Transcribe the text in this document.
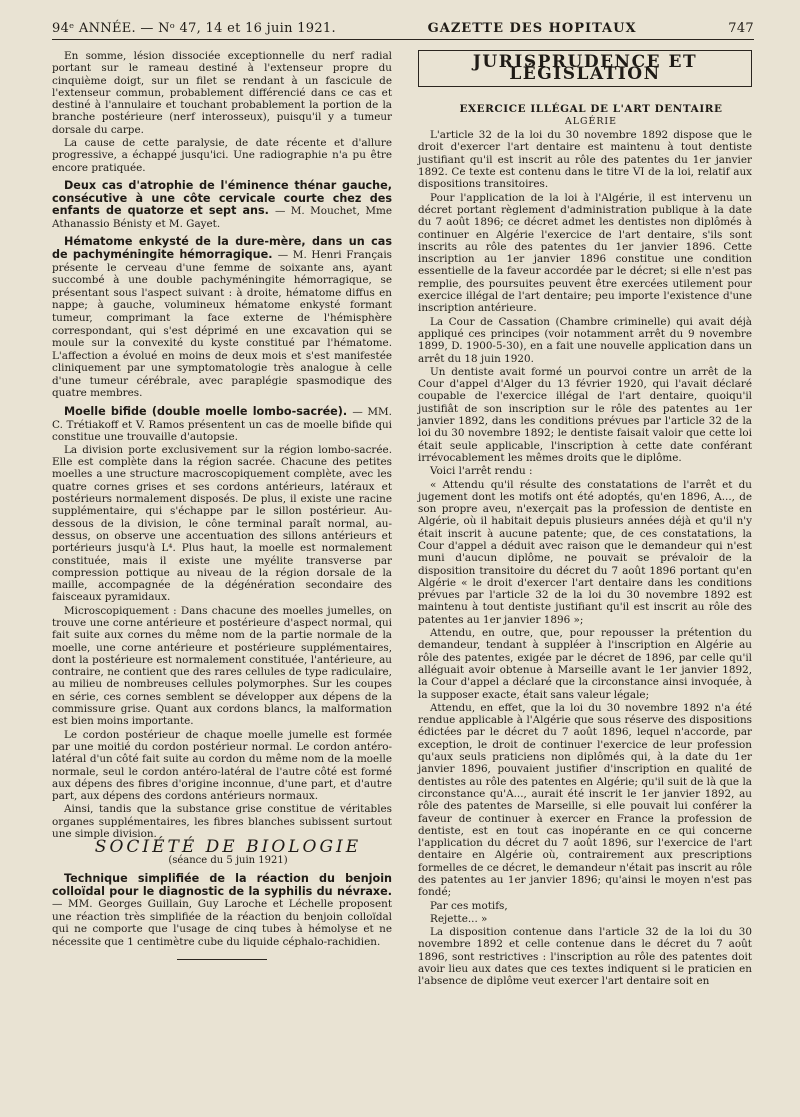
94ᵉ ANNÉE. — Nᵒ 47, 14 et 16 juin 1921.	GAZETTE DES HOPITAUX	747

En somme, lésion dissociée exceptionnelle du nerf radial portant sur le rameau destiné à l'extenseur propre du cinquième doigt, sur un filet se rendant à un fascicule de l'extenseur commun, probablement différencié dans ce cas et destiné à l'annulaire et touchant probablement la portion de la branche postérieure (nerf interosseux), puisqu'il y a tumeur dorsale du carpe.

La cause de cette paralysie, de date récente et d'allure progressive, a échappé jusqu'ici. Une radiographie n'a pu être encore pratiquée.

Deux cas d'atrophie de l'éminence thénar gauche, consécutive à une côte cervicale courte chez des enfants de quatorze et sept ans. — M. Mouchet, Mme Athanassio Bénisty et M. Gayet.
Hématome enkysté de la dure-mère, dans un cas de pachyméningite hémorragique. — M. Henri Français présente le cerveau d'une femme de soixante ans, ayant succombé à une double pachyméningite hémorragique, se présentant sous l'aspect suivant : à droite, hématome diffus en nappe; à gauche, volumineux hématome enkysté formant tumeur, comprimant la face externe de l'hémisphère correspondant, qui s'est déprimé en une excavation qui se moule sur la convexité du kyste constitué par l'hématome. L'affection a évolué en moins de deux mois et s'est manifestée cliniquement par une symptomatologie très analogue à celle d'une tumeur cérébrale, avec paraplégie spasmodique des quatre membres.
Moelle bifide (double moelle lombo-sacrée). — MM. C. Trétiakoff et V. Ramos présentent un cas de moelle bifide qui constitue une trouvaille d'autopsie.

La division porte exclusivement sur la région lombo-sacrée. Elle est complète dans la région sacrée. Chacune des petites moelles a une structure macroscopiquement complète, avec les quatre cornes grises et ses cordons antérieurs, latéraux et postérieurs normalement disposés. De plus, il existe une racine supplémentaire, qui s'échappe par le sillon postérieur. Au-dessous de la division, le cône terminal paraît normal, au-dessus, on observe une accentuation des sillons antérieurs et portérieurs jusqu'à L⁴. Plus haut, la moelle est normalement constituée, mais il existe une myélite transverse par compression pottique au niveau de la région dorsale de la maille, accompagnée de la dégénération secondaire des faisceaux pyramidaux.

Microscopiquement : Dans chacune des moelles jumelles, on trouve une corne antérieure et postérieure d'aspect normal, qui fait suite aux cornes du même nom de la partie normale de la moelle, une corne antérieure et postérieure supplémentaires, dont la postérieure est normalement constituée, l'antérieure, au contraire, ne contient que des rares cellules de type radiculaire, au milieu de nombreuses cellules polymorphes. Sur les coupes en série, ces cornes semblent se développer aux dépens de la commissure grise. Quant aux cordons blancs, la malformation est bien moins importante.

Le cordon postérieur de chaque moelle jumelle est formée par une moitié du cordon postérieur normal. Le cordon antéro-latéral d'un côté fait suite au cordon du même nom de la moelle normale, seul le cordon antéro-latéral de l'autre côté est formé aux dépens des fibres d'origine inconnue, d'une part, et d'autre part, aux dépens des cordons antérieurs normaux.

Ainsi, tandis que la substance grise constitue de véritables organes supplémentaires, les fibres blanches subissent surtout une simple division.

SOCIÉTÉ DE BIOLOGIE

(séance du 5 juin 1921)

Technique simplifiée de la réaction du benjoin colloïdal pour le diagnostic de la syphilis du névraxe. — MM. Georges Guillain, Guy Laroche et Léchelle proposent une réaction très simplifiée de la réaction du benjoin colloïdal qui ne comporte que l'usage de cinq tubes à hémolyse et ne nécessite que 1 centimètre cube du liquide céphalo-rachidien.
JURISPRUDENCE ET LÉGISLATION

EXERCICE ILLÉGAL DE L'ART DENTAIRE

ALGÉRIE

L'article 32 de la loi du 30 novembre 1892 dispose que le droit d'exercer l'art dentaire est maintenu à tout dentiste justifiant qu'il est inscrit au rôle des patentes du 1er janvier 1892. Ce texte est contenu dans le titre VI de la loi, relatif aux dispositions transitoires.

Pour l'application de la loi à l'Algérie, il est intervenu un décret portant règlement d'administration publique à la date du 7 août 1896; ce décret admet les dentistes non diplômés à continuer en Algérie l'exercice de l'art dentaire, s'ils sont inscrits au rôle des patentes du 1er janvier 1896. Cette inscription au 1er janvier 1896 constitue une condition essentielle de la faveur accordée par le décret; si elle n'est pas remplie, des poursuites peuvent être exercées utilement pour exercice illégal de l'art dentaire; peu importe l'existence d'une inscription antérieure.

La Cour de Cassation (Chambre criminelle) qui avait déjà appliqué ces principes (voir notamment arrêt du 9 novembre 1899, D. 1900-5-30), en a fait une nouvelle application dans un arrêt du 18 juin 1920.

Un dentiste avait formé un pourvoi contre un arrêt de la Cour d'appel d'Alger du 13 février 1920, qui l'avait déclaré coupable de l'exercice illégal de l'art dentaire, quoiqu'il justifiât de son inscription sur le rôle des patentes au 1er janvier 1892, dans les conditions prévues par l'article 32 de la loi du 30 novembre 1892; le dentiste faisait valoir que cette loi était seule applicable, l'inscription à cette date conférant irrévocablement les mêmes droits que le diplôme.

Voici l'arrêt rendu :

« Attendu qu'il résulte des constatations de l'arrêt et du jugement dont les motifs ont été adoptés, qu'en 1896, A..., de son propre aveu, n'exerçait pas la profession de dentiste en Algérie, où il habitait depuis plusieurs années déjà et qu'il n'y était inscrit à aucune patente; que, de ces constatations, la Cour d'appel a déduit avec raison que le demandeur qui n'est muni d'aucun diplôme, ne pouvait se prévaloir de la disposition transitoire du décret du 7 août 1896 portant qu'en Algérie « le droit d'exercer l'art dentaire dans les conditions prévues par l'article 32 de la loi du 30 novembre 1892 est maintenu à tout dentiste justifiant qu'il est inscrit au rôle des patentes au 1er janvier 1896 »;

Attendu, en outre, que, pour repousser la prétention du demandeur, tendant à suppléer à l'inscription en Algérie au rôle des patentes, exigée par le décret de 1896, par celle qu'il alléguait avoir obtenue à Marseille avant le 1er janvier 1892, la Cour d'appel a déclaré que la circonstance ainsi invoquée, à la supposer exacte, était sans valeur légale;

Attendu, en effet, que la loi du 30 novembre 1892 n'a été rendue applicable à l'Algérie que sous réserve des dispositions édictées par le décret du 7 août 1896, lequel n'accorde, par exception, le droit de continuer l'exercice de leur profession qu'aux seuls praticiens non diplômés qui, à la date du 1er janvier 1896, pouvaient justifier d'inscription en qualité de dentistes au rôle des patentes en Algérie; qu'il suit de là que la circonstance qu'A..., aurait été inscrit le 1er janvier 1892, au rôle des patentes de Marseille, si elle pouvait lui conférer la faveur de continuer à exercer en France la profession de dentiste, est en tout cas inopérante en ce qui concerne l'application du décret du 7 août 1896, sur l'exercice de l'art dentaire en Algérie où, contrairement aux prescriptions formelles de ce décret, le demandeur n'était pas inscrit au rôle des patentes au 1er janvier 1896; qu'ainsi le moyen n'est pas fondé;

Par ces motifs,

Rejette... »

La disposition contenue dans l'article 32 de la loi du 30 novembre 1892 et celle contenue dans le décret du 7 août 1896, sont restrictives : l'inscription au rôle des patentes doit avoir lieu aux dates que ces textes indiquent si le praticien en l'absence de diplôme veut exercer l'art dentaire soit en
